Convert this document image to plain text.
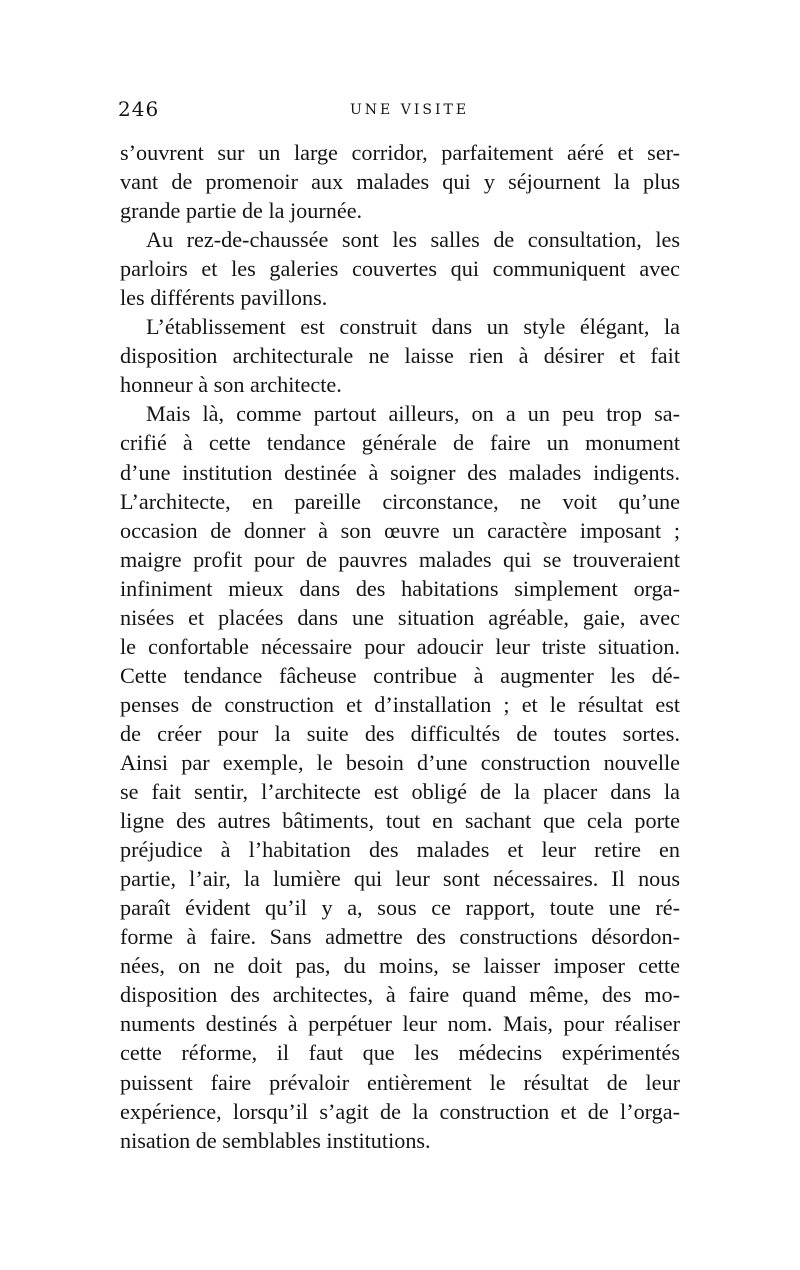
246	UNE VISITE
s’ouvrent sur un large corridor, parfaitement aéré et ser-
vant de promenoir aux malades qui y séjournent la plus
grande partie de la journée.
Au rez-de-chaussée sont les salles de consultation, les
parloirs et les galeries couvertes qui communiquent avec
les différents pavillons.
L’établissement est construit dans un style élégant, la
disposition architecturale ne laisse rien à désirer et fait
honneur à son architecte.
Mais là, comme partout ailleurs, on a un peu trop sa-
crifié à cette tendance générale de faire un monument
d’une institution destinée à soigner des malades indigents.
L’architecte, en pareille circonstance, ne voit qu’une
occasion de donner à son œuvre un caractère imposant ;
maigre profit pour de pauvres malades qui se trouveraient
infiniment mieux dans des habitations simplement orga-
nisées et placées dans une situation agréable, gaie, avec
le confortable nécessaire pour adoucir leur triste situation.
Cette tendance fâcheuse contribue à augmenter les dé-
penses de construction et d’installation ; et le résultat est
de créer pour la suite des difficultés de toutes sortes.
Ainsi par exemple, le besoin d’une construction nouvelle
se fait sentir, l’architecte est obligé de la placer dans la
ligne des autres bâtiments, tout en sachant que cela porte
préjudice à l’habitation des malades et leur retire en
partie, l’air, la lumière qui leur sont nécessaires. Il nous
paraît évident qu’il y a, sous ce rapport, toute une ré-
forme à faire. Sans admettre des constructions désordon-
nées, on ne doit pas, du moins, se laisser imposer cette
disposition des architectes, à faire quand même, des mo-
numents destinés à perpétuer leur nom. Mais, pour réaliser
cette réforme, il faut que les médecins expérimentés
puissent faire prévaloir entièrement le résultat de leur
expérience, lorsqu’il s’agit de la construction et de l’orga-
nisation de semblables institutions.
